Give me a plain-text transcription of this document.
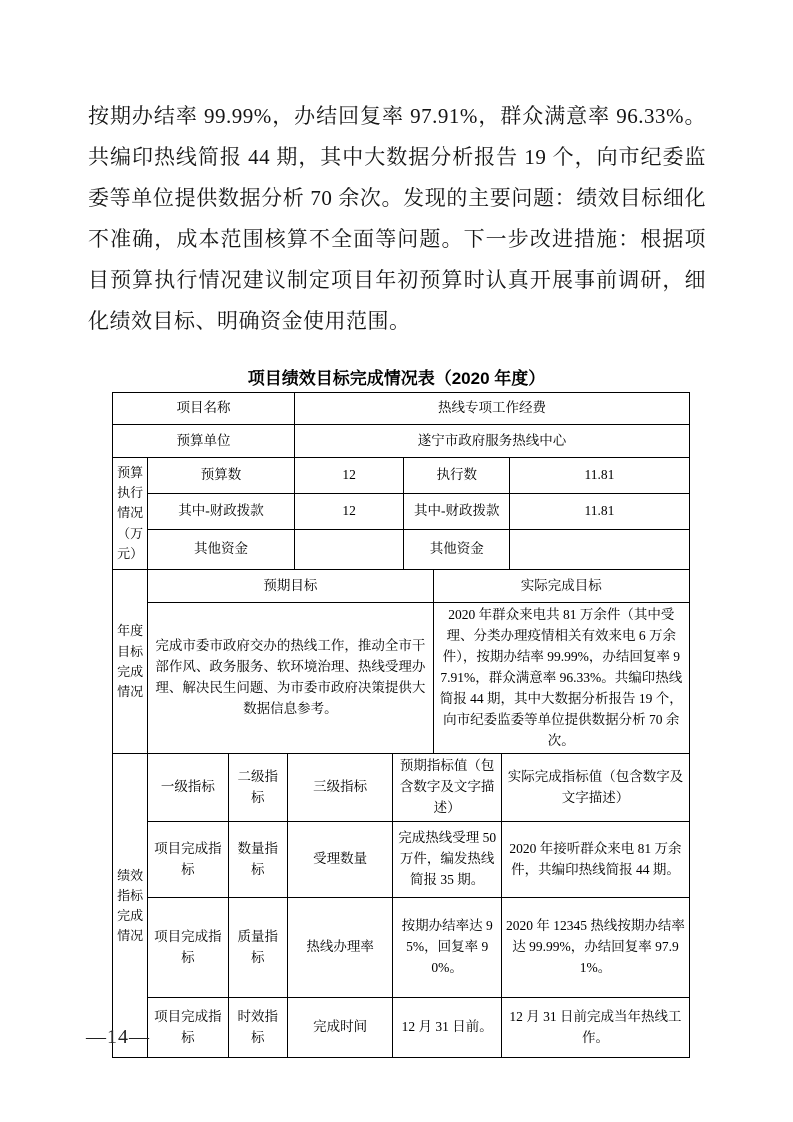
按期办结率 99.99%，办结回复率 97.91%，群众满意率 96.33%。共编印热线简报 44 期，其中大数据分析报告 19 个，向市纪委监委等单位提供数据分析 70 余次。发现的主要问题：绩效目标细化不准确，成本范围核算不全面等问题。下一步改进措施：根据项目预算执行情况建议制定项目年初预算时认真开展事前调研，细化绩效目标、明确资金使用范围。

项目绩效目标完成情况表（2020 年度）
项目名称				热线专项工作经费					
预算单位				遂宁市政府服务热线中心					
预算执行情况（万元）	预算数			12		执行数			11.81
	其中-财政拨款			12		其中-财政拨款			11.81
	其他资金					其他资金			
年度目标完成情况	预期目标						实际完成目标		
	完成市委市政府交办的热线工作，推动全市干部作风、政务服务、软环境治理、热线受理办理、解决民生问题、为市委市政府决策提供大数据信息参考。						2020 年群众来电共 81 万余件（其中受理、分类办理疫情相关有效来电 6 万余件），按期办结率 99.99%，办结回复率 97.91%，群众满意率 96.33%。共编印热线简报 44 期，其中大数据分析报告 19 个，向市纪委监委等单位提供数据分析 70 余次。		
绩效指标完成情况	一级指标	二级指标	三级指标		预期指标值（包含数字及文字描述）			实际完成指标值（包含数字及文字描述）	
	项目完成指标	数量指标	受理数量		完成热线受理 50 万件，编发热线简报 35 期。			2020 年接听群众来电 81 万余件，共编印热线简报 44 期。	
	项目完成指标	质量指标	热线办理率		按期办结率达 95%，回复率 90%。			2020 年 12345 热线按期办结率达 99.99%，办结回复率 97.91%。	
	项目完成指标	时效指标	完成时间		12 月 31 日前。			12 月 31 日前完成当年热线工作。	
—14—
